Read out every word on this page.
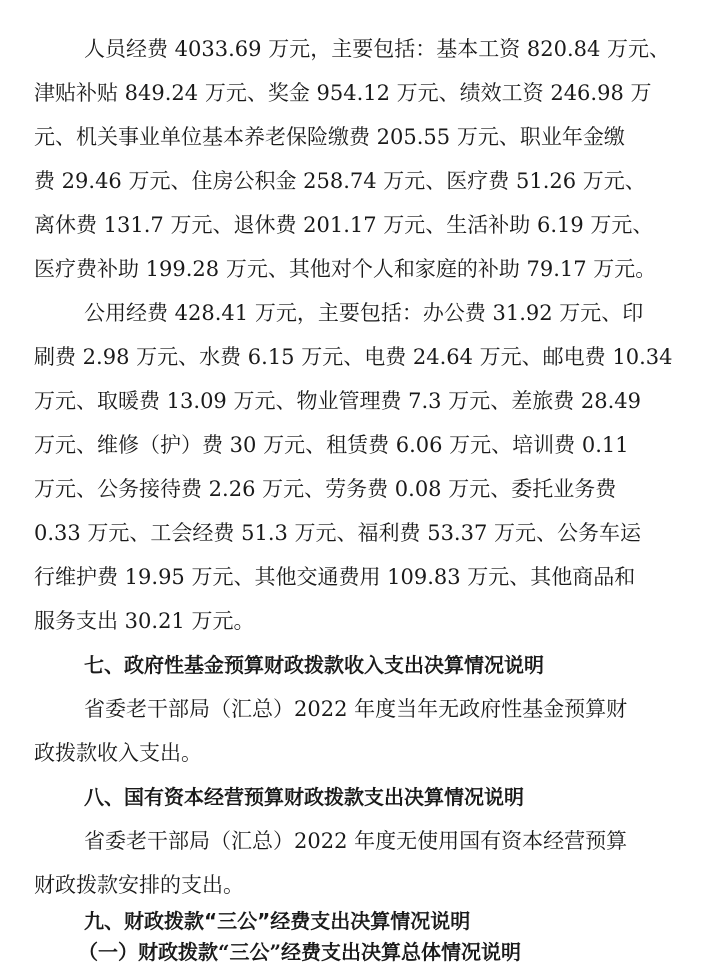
人员经费 4033.69 万元，主要包括：基本工资 820.84 万元、
津贴补贴 849.24 万元、奖金 954.12 万元、绩效工资 246.98 万
元、机关事业单位基本养老保险缴费 205.55 万元、职业年金缴
费 29.46 万元、住房公积金 258.74 万元、医疗费 51.26 万元、
离休费 131.7 万元、退休费 201.17 万元、生活补助 6.19 万元、
医疗费补助 199.28 万元、其他对个人和家庭的补助 79.17 万元。
公用经费 428.41 万元，主要包括：办公费 31.92 万元、印
刷费 2.98 万元、水费 6.15 万元、电费 24.64 万元、邮电费 10.34
万元、取暖费 13.09 万元、物业管理费 7.3 万元、差旅费 28.49
万元、维修（护）费 30 万元、租赁费 6.06 万元、培训费 0.11
万元、公务接待费 2.26 万元、劳务费 0.08 万元、委托业务费
0.33 万元、工会经费 51.3 万元、福利费 53.37 万元、公务车运
行维护费 19.95 万元、其他交通费用 109.83 万元、其他商品和
服务支出 30.21 万元。
七、政府性基金预算财政拨款收入支出决算情况说明
省委老干部局（汇总）2022 年度当年无政府性基金预算财
政拨款收入支出。
八、国有资本经营预算财政拨款支出决算情况说明
省委老干部局（汇总）2022 年度无使用国有资本经营预算
财政拨款安排的支出。
九、财政拨款“三公”经费支出决算情况说明
（一）财政拨款“三公”经费支出决算总体情况说明
